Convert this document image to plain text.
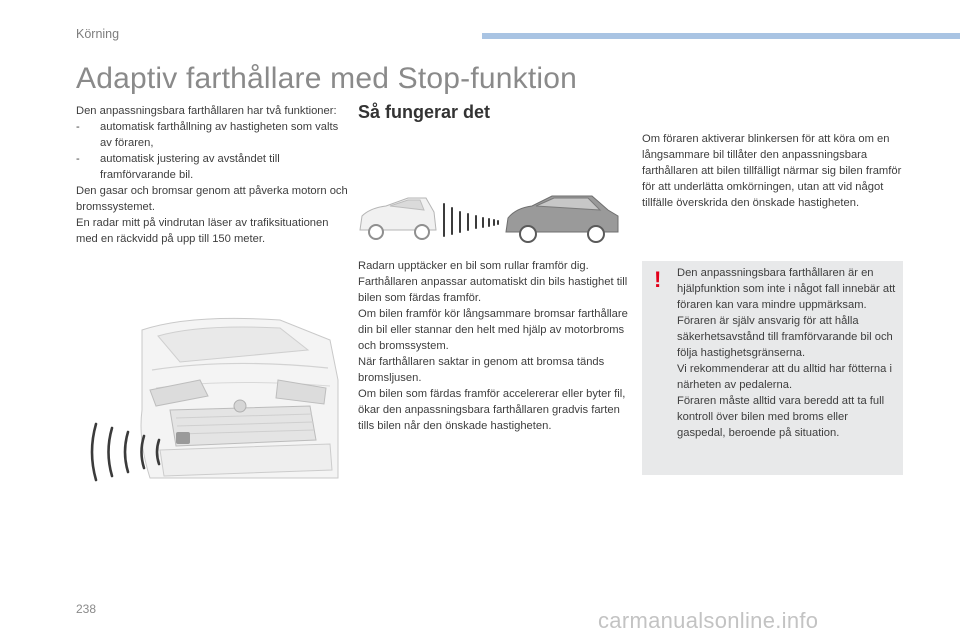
Körning
Adaptiv farthållare med Stop-funktion

Den anpassningsbara farthållaren har två funktioner:

- automatisk farthållning av hastigheten som valts av föraren,

- automatisk justering av avståndet till framförvarande bil.

Den gasar och bromsar genom att påverka motorn och bromssystemet.

En radar mitt på vindrutan läser av trafiksituationen med en räckvidd på upp till 150 meter.

Så fungerar det

Radarn upptäcker en bil som rullar framför dig.

Farthållaren anpassar automatiskt din bils hastighet till bilen som färdas framför.

Om bilen framför kör långsammare bromsar farthållare din bil eller stannar den helt med hjälp av motorbroms och bromssystem.

När farthållaren saktar in genom att bromsa tänds bromsljusen.

Om bilen som färdas framför accelererar eller byter fil, ökar den anpassningsbara farthållaren gradvis farten tills bilen når den önskade hastigheten.

Om föraren aktiverar blinkersen för att köra om en långsammare bil tillåter den anpassningsbara farthållaren att bilen tillfälligt närmar sig bilen framför för att underlätta omkörningen, utan att vid något tillfälle överskrida den önskade hastigheten.

! Den anpassningsbara farthållaren är en hjälpfunktion som inte i något fall innebär att föraren kan vara mindre uppmärksam. Föraren är själv ansvarig för att hålla säkerhetsavstånd till framförvarande bil och följa hastighetsgränserna.

Vi rekommenderar att du alltid har fötterna i närheten av pedalerna.

Föraren måste alltid vara beredd att ta full kontroll över bilen med broms eller gaspedal, beroende på situation.

238	carmanualsonline.info
